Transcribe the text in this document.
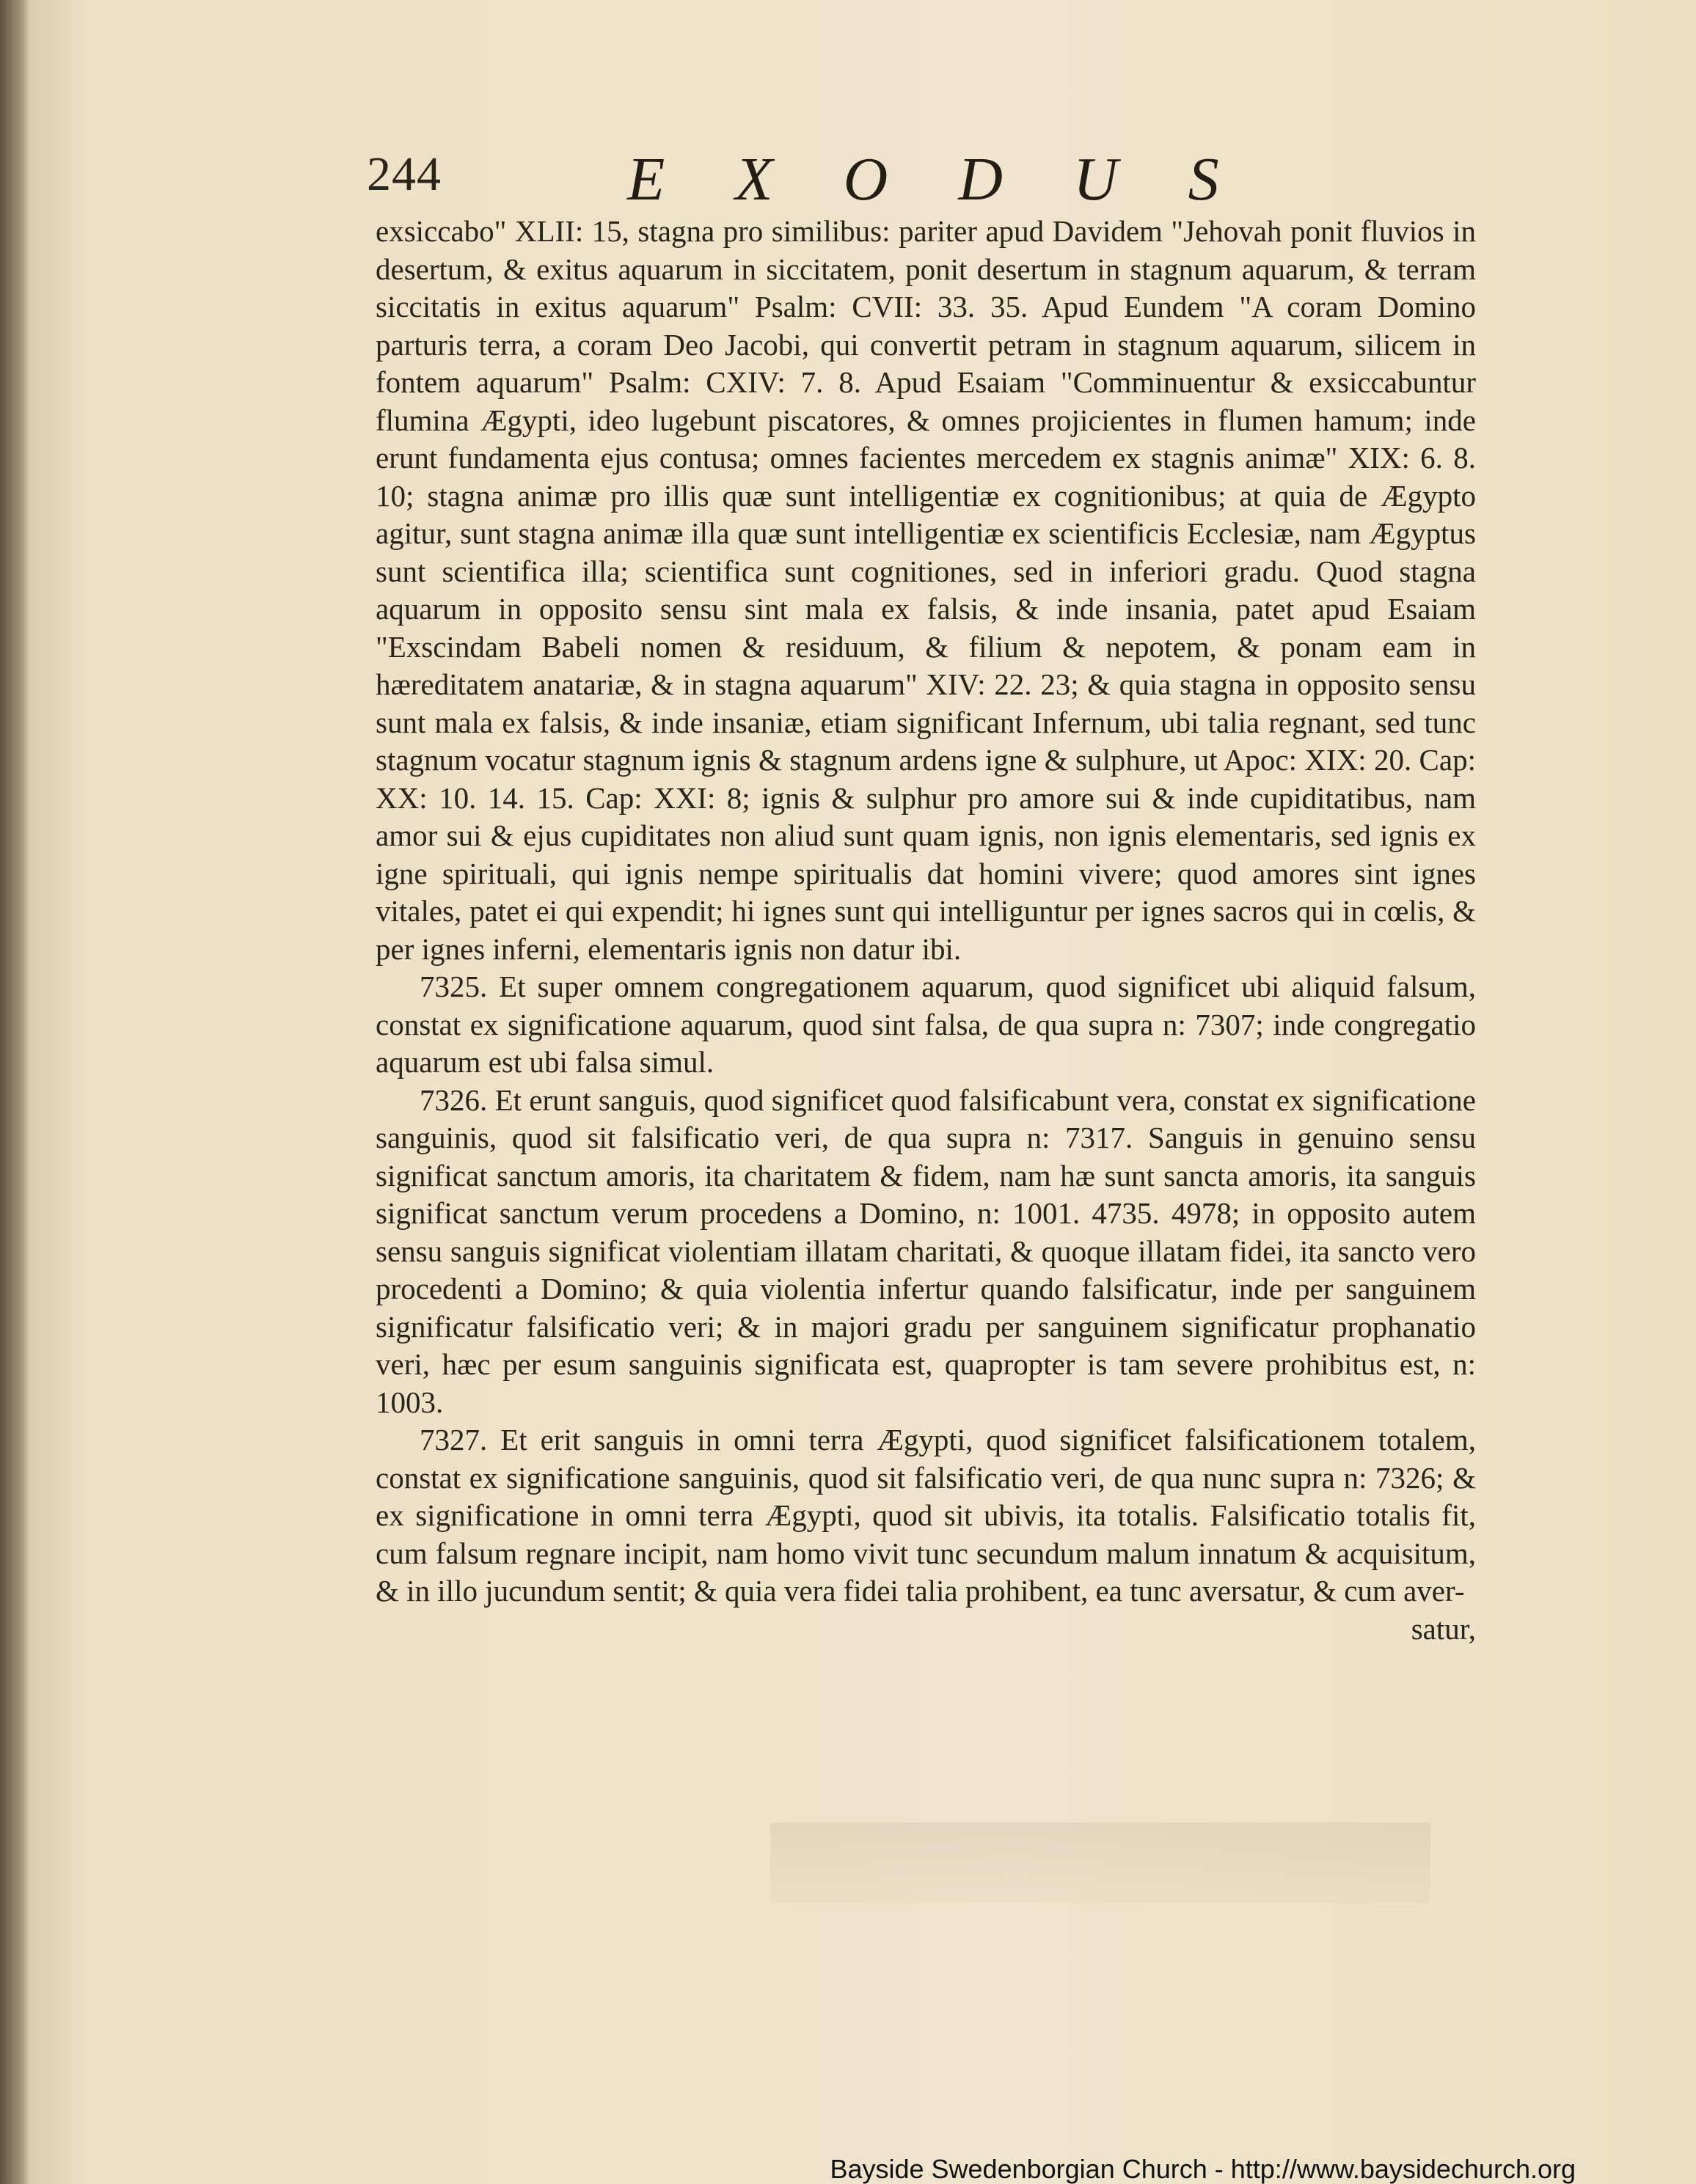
244	EXODUS

exsiccabo" XLII: 15, stagna pro similibus: pariter apud Davidem "Jehovah ponit fluvios in desertum, & exitus aquarum in siccitatem, ponit desertum in stagnum aquarum, & terram siccitatis in exitus aquarum" Psalm: CVII: 33. 35. Apud Eundem "A coram Domino parturis terra, a coram Deo Jacobi, qui convertit petram in stagnum aquarum, silicem in fontem aquarum" Psalm: CXIV: 7. 8. Apud Esaiam "Comminuentur & exsiccabuntur flumina Ægypti, ideo lugebunt piscatores, & omnes projicientes in flumen hamum; inde erunt fundamenta ejus contusa; omnes facientes mercedem ex stagnis animæ" XIX: 6. 8. 10; stagna animæ pro illis quæ sunt intelligentiæ ex cognitionibus; at quia de Ægypto agitur, sunt stagna animæ illa quæ sunt intelligentiæ ex scientificis Ecclesiæ, nam Ægyptus sunt scientifica illa; scientifica sunt cognitiones, sed in inferiori gradu. Quod stagna aquarum in opposito sensu sint mala ex falsis, & inde insania, patet apud Esaiam "Exscindam Babeli nomen & residuum, & filium & nepotem, & ponam eam in hæreditatem anatariæ, & in stagna aquarum" XIV: 22. 23; & quia stagna in opposito sensu sunt mala ex falsis, & inde insaniæ, etiam significant Infernum, ubi talia regnant, sed tunc stagnum vocatur stagnum ignis & stagnum ardens igne & sulphure, ut Apoc: XIX: 20. Cap: XX: 10. 14. 15. Cap: XXI: 8; ignis & sulphur pro amore sui & inde cupiditatibus, nam amor sui & ejus cupiditates non aliud sunt quam ignis, non ignis elementaris, sed ignis ex igne spirituali, qui ignis nempe spiritualis dat homini vivere; quod amores sint ignes vitales, patet ei qui expendit; hi ignes sunt qui intelliguntur per ignes sacros qui in cœlis, & per ignes inferni, elementaris ignis non datur ibi.

7325. Et super omnem congregationem aquarum, quod significet ubi aliquid falsum, constat ex significatione aquarum, quod sint falsa, de qua supra n: 7307; inde congregatio aquarum est ubi falsa simul.

7326. Et erunt sanguis, quod significet quod falsificabunt vera, constat ex significatione sanguinis, quod sit falsificatio veri, de qua supra n: 7317. Sanguis in genuino sensu significat sanctum amoris, ita charitatem & fidem, nam hæ sunt sancta amoris, ita sanguis significat sanctum verum procedens a Domino, n: 1001. 4735. 4978; in opposito autem sensu sanguis significat violentiam illatam charitati, & quoque illatam fidei, ita sancto vero procedenti a Domino; & quia violentia infertur quando falsificatur, inde per sanguinem significatur falsificatio veri; & in majori gradu per sanguinem significatur prophanatio veri, hæc per esum sanguinis significata est, quapropter is tam severe prohibitus est, n: 1003.

7327. Et erit sanguis in omni terra Ægypti, quod significet falsificationem totalem, constat ex significatione sanguinis, quod sit falsificatio veri, de qua nunc supra n: 7326; & ex significatione in omni terra Ægypti, quod sit ubivis, ita totalis. Falsificatio totalis fit, cum falsum regnare incipit, nam homo vivit tunc secundum malum innatum & acquisitum, & in illo jucundum sentit; & quia vera fidei talia prohibent, ea tunc aversatur, & cum aver-

satur,

Bayside Swedenborgian Church - http://www.baysidechurch.org
